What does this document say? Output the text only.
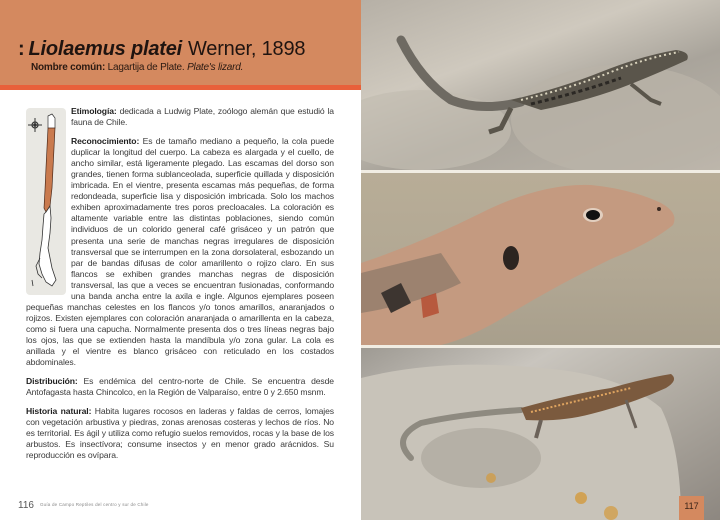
: Liolaemus platei Werner, 1898
Nombre común: Lagartija de Plate. Plate's lizard.

Etimología: dedicada a Ludwig Plate, zoólogo alemán que estudió la fauna de Chile.

Reconocimiento: Es de tamaño mediano a pequeño, la cola puede duplicar la longitud del cuerpo. La cabeza es alargada y el cuello, de ancho similar, está ligeramente plegado. Las escamas del dorso son grandes, tienen forma sublanceolada, superficie quillada y disposición imbricada. En el vientre, presenta escamas más pequeñas, de forma redondeada, superficie lisa y disposición imbricada. Solo los machos exhiben aproximadamente tres poros precloacales. La coloración es altamente variable entre las distintas poblaciones, siendo común individuos de un colorido general café grisáceo y un patrón que presenta una serie de manchas negras irregulares de disposición transversal que se interrumpen en la zona dorsolateral, esbozando un par de bandas difusas de color amarillento o rojizo claro. En sus flancos se exhiben grandes manchas negras de disposición transversal, las que a veces se encuentran fusionadas, conformando una banda ancha entre la axila e ingle. Algunos ejemplares poseen pequeñas manchas celestes en los flancos y/o tonos amarillos, anaranjados o rojizos. Existen ejemplares con coloración anaranjada o amarillenta en la cabeza, como si fuera una capucha. Normalmente presenta dos o tres líneas negras bajo los ojos, las que se extienden hasta la mandíbula y/o zona gular. La cola es anillada y el vientre es blanco grisáceo con reticulado en los costados abdominales.

Distribución: Es endémica del centro-norte de Chile. Se encuentra desde Antofagasta hasta Chincolco, en la Región de Valparaíso, entre 0 y 2.650 msnm.

Historia natural: Habita lugares rocosos en laderas y faldas de cerros, lomajes con vegetación arbustiva y piedras, zonas arenosas costeras y lechos de ríos. No es territorial. Es ágil y utiliza como refugio suelos removidos, rocas y la base de los arbustos. Es insectívora; consume insectos y en menor grado arácnidos. Su reproducción es ovípara.

116 $^{Guía de Campo Reptiles del centro y sur de Chile}$	117
